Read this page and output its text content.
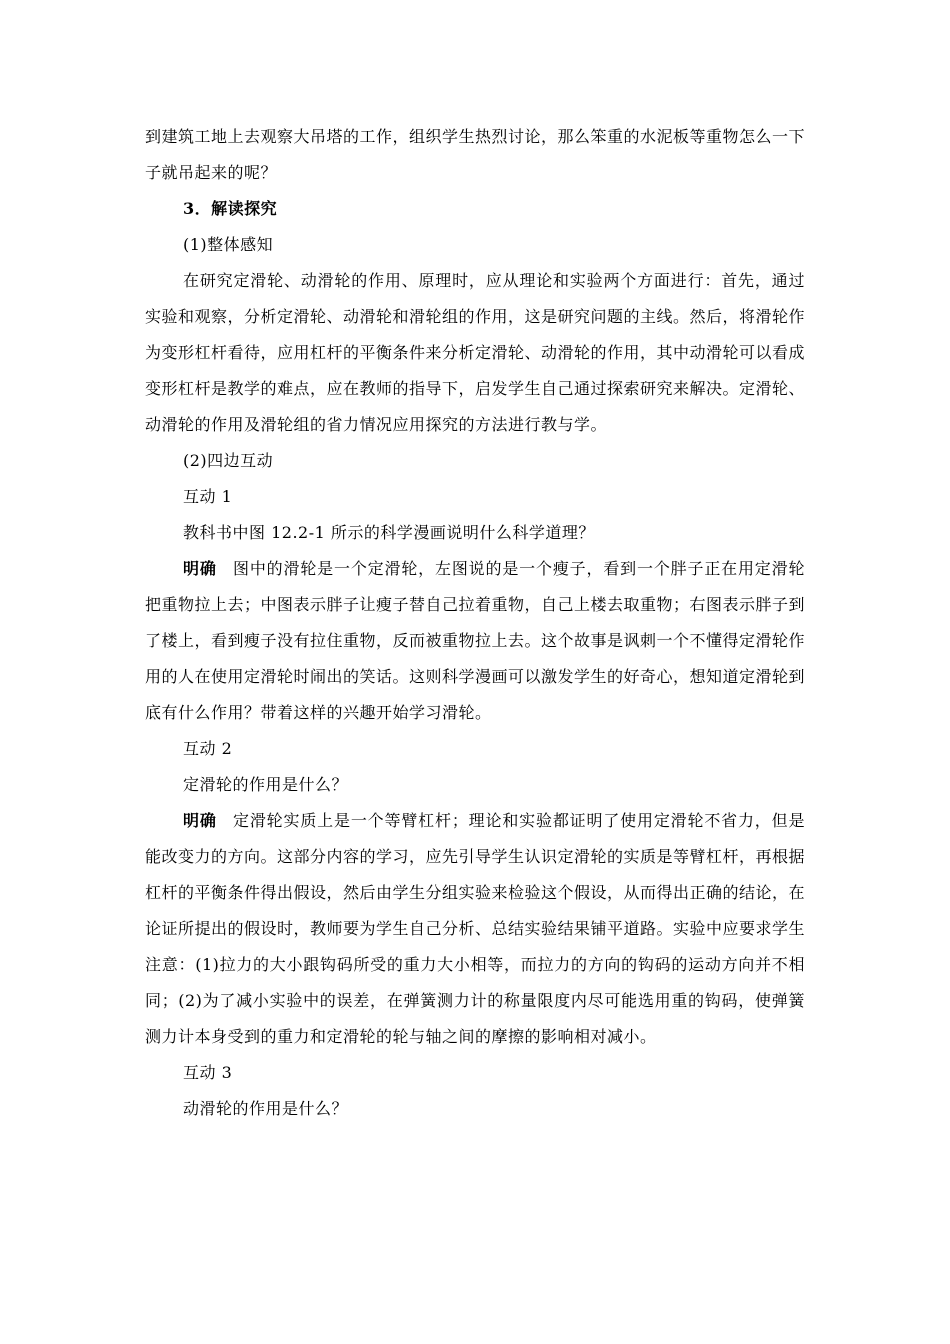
到建筑工地上去观察大吊塔的工作，组织学生热烈讨论，那么笨重的水泥板等重物怎么一下子就吊起来的呢？

3．解读探究

(1)整体感知

在研究定滑轮、动滑轮的作用、原理时，应从理论和实验两个方面进行：首先，通过实验和观察，分析定滑轮、动滑轮和滑轮组的作用，这是研究问题的主线。然后，将滑轮作为变形杠杆看待，应用杠杆的平衡条件来分析定滑轮、动滑轮的作用，其中动滑轮可以看成变形杠杆是教学的难点，应在教师的指导下，启发学生自己通过探索研究来解决。定滑轮、动滑轮的作用及滑轮组的省力情况应用探究的方法进行教与学。

(2)四边互动

互动 1

教科书中图 12.2-1 所示的科学漫画说明什么科学道理？

明确 图中的滑轮是一个定滑轮，左图说的是一个瘦子，看到一个胖子正在用定滑轮把重物拉上去；中图表示胖子让瘦子替自己拉着重物，自己上楼去取重物；右图表示胖子到了楼上，看到瘦子没有拉住重物，反而被重物拉上去。这个故事是讽刺一个不懂得定滑轮作用的人在使用定滑轮时闹出的笑话。这则科学漫画可以激发学生的好奇心，想知道定滑轮到底有什么作用？带着这样的兴趣开始学习滑轮。

互动 2

定滑轮的作用是什么？

明确 定滑轮实质上是一个等臂杠杆；理论和实验都证明了使用定滑轮不省力，但是能改变力的方向。这部分内容的学习，应先引导学生认识定滑轮的实质是等臂杠杆，再根据杠杆的平衡条件得出假设，然后由学生分组实验来检验这个假设，从而得出正确的结论，在论证所提出的假设时，教师要为学生自己分析、总结实验结果铺平道路。实验中应要求学生注意：(1)拉力的大小跟钩码所受的重力大小相等，而拉力的方向的钩码的运动方向并不相同；(2)为了减小实验中的误差，在弹簧测力计的称量限度内尽可能选用重的钩码，使弹簧测力计本身受到的重力和定滑轮的轮与轴之间的摩擦的影响相对减小。

互动 3

动滑轮的作用是什么？
